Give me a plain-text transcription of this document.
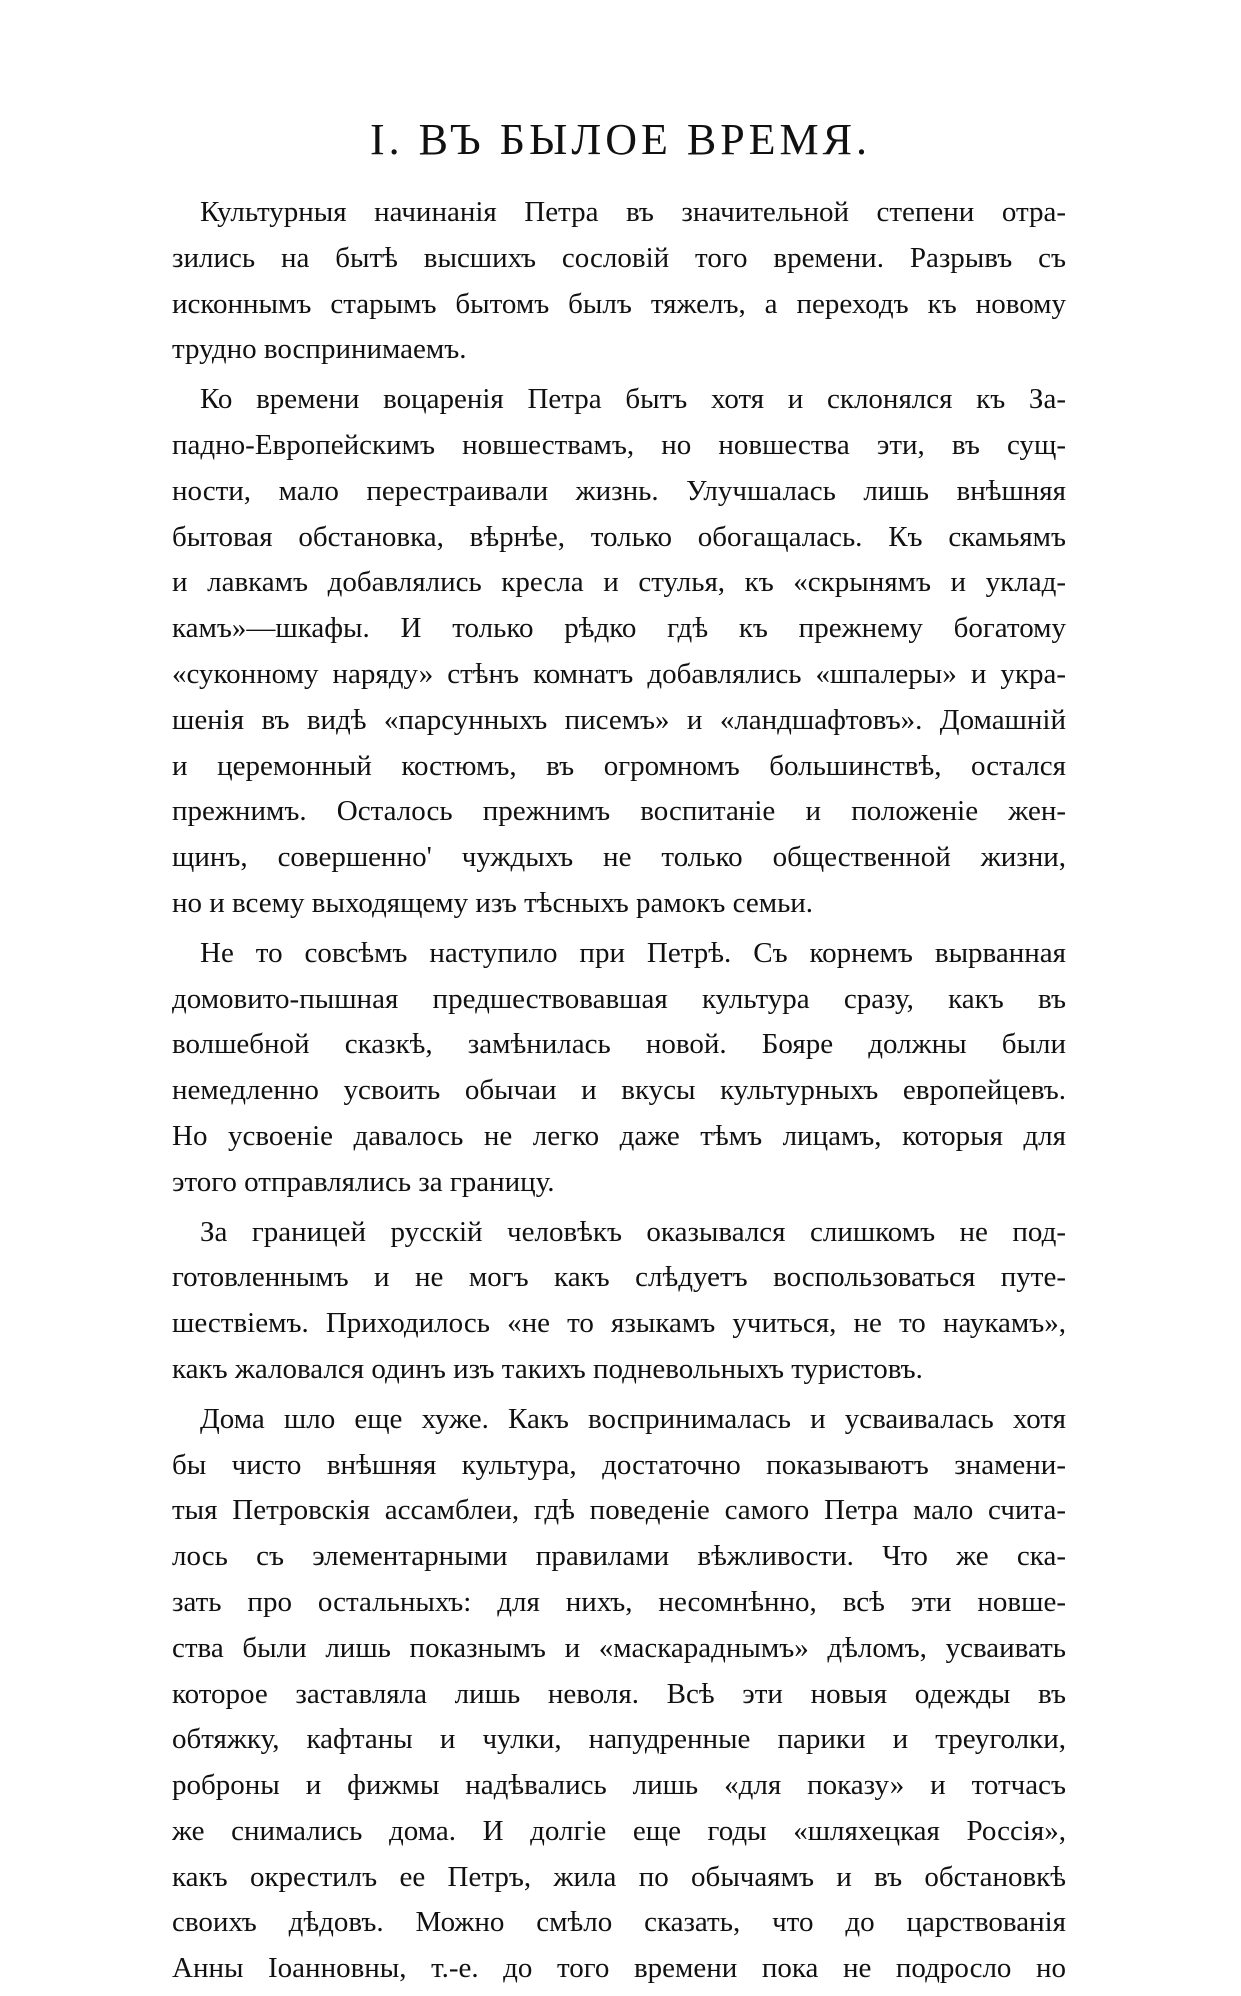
I. ВЪ БЫЛОЕ ВРЕМЯ.

Культурныя начинанія Петра въ значительной степени отра-
зились на бытѣ высшихъ сословій того времени. Разрывъ съ
исконнымъ старымъ бытомъ былъ тяжелъ, а переходъ къ новому
трудно воспринимаемъ.

Ко времени воцаренія Петра бытъ хотя и склонялся къ За-
падно-Европейскимъ новшествамъ, но новшества эти, въ сущ-
ности, мало перестраивали жизнь. Улучшалась лишь внѣшняя
бытовая обстановка, вѣрнѣе, только обогащалась. Къ скамьямъ
и лавкамъ добавлялись кресла и стулья, къ «скрынямъ и уклад-
камъ»—шкафы. И только рѣдко гдѣ къ прежнему богатому
«суконному наряду» стѣнъ комнатъ добавлялись «шпалеры» и укра-
шенія въ видѣ «парсунныхъ писемъ» и «ландшафтовъ». Домашній
и церемонный костюмъ, въ огромномъ большинствѣ, остался
прежнимъ. Осталось прежнимъ воспитаніе и положеніе жен-
щинъ, совершенно' чуждыхъ не только общественной жизни,
но и всему выходящему изъ тѣсныхъ рамокъ семьи.

Не то совсѣмъ наступило при Петрѣ. Съ корнемъ вырванная
домовито-пышная предшествовавшая культура сразу, какъ въ
волшебной сказкѣ, замѣнилась новой. Бояре должны были
немедленно усвоить обычаи и вкусы культурныхъ европейцевъ.
Но усвоеніе давалось не легко даже тѣмъ лицамъ, которыя для
этого отправлялись за границу.

За границей русскій человѣкъ оказывался слишкомъ не под-
готовленнымъ и не могъ какъ слѣдуетъ воспользоваться путе-
шествіемъ. Приходилось «не то языкамъ учиться, не то наукамъ»,
какъ жаловался одинъ изъ такихъ подневольныхъ туристовъ.

Дома шло еще хуже. Какъ воспринималась и усваивалась хотя
бы чисто внѣшняя культура, достаточно показываютъ знамени-
тыя Петровскія ассамблеи, гдѣ поведеніе самого Петра мало счита-
лось съ элементарными правилами вѣжливости. Что же ска-
зать про остальныхъ: для нихъ, несомнѣнно, всѣ эти новше-
ства были лишь показнымъ и «маскараднымъ» дѣломъ, усваивать
которое заставляла лишь неволя. Всѣ эти новыя одежды въ
обтяжку, кафтаны и чулки, напудренные парики и треуголки,
роброны и фижмы надѣвались лишь «для показу» и тотчасъ
же снимались дома. И долгіе еще годы «шляхецкая Россія»,
какъ окрестилъ ее Петръ, жила по обычаямъ и въ обстановкѣ
своихъ дѣдовъ. Можно смѣло сказать, что до царствованія
Анны Іоанновны, т.-е. до того времени пока не подросло но
